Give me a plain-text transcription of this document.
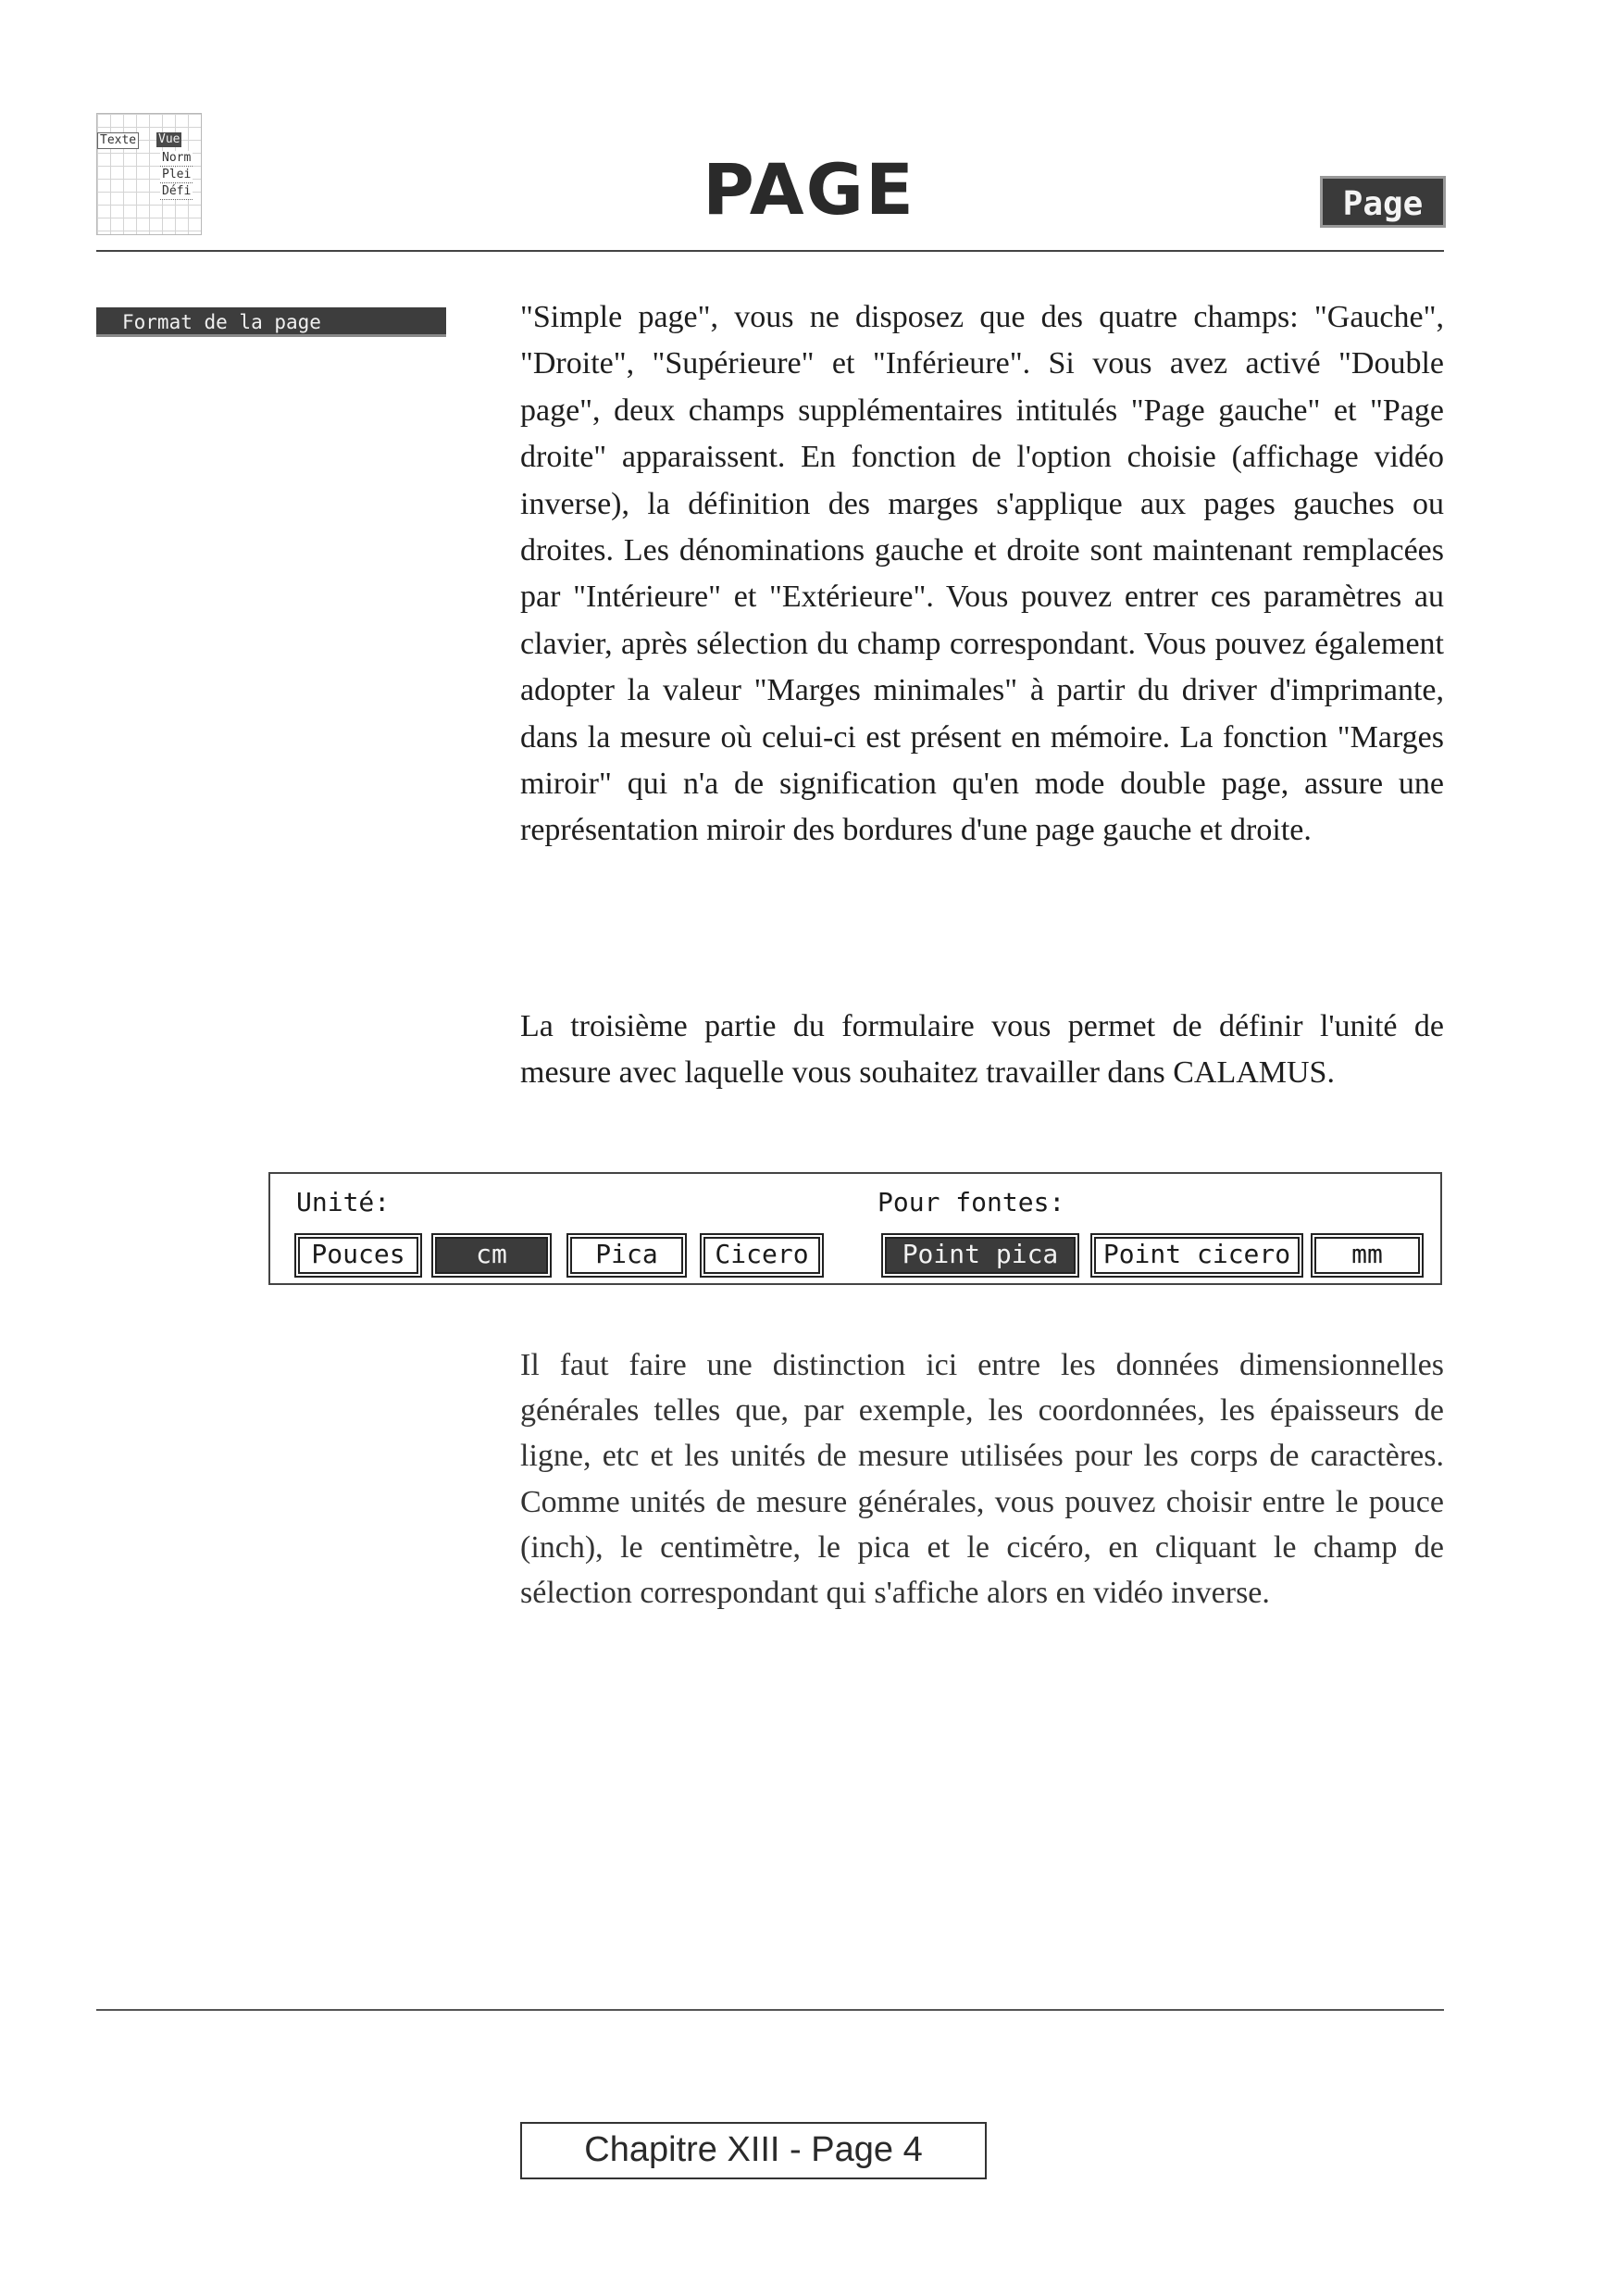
Texte Vue
Norm
Plei
Défi	PAGE	Page
Format de la page	"Simple page", vous ne disposez que des quatre champs: "Gauche", "Droite", "Supérieure" et "Inférieure". Si vous avez activé "Double page", deux champs supplémentaires intitulés "Page gauche" et "Page droite" apparaissent. En fonction de l'option choisie (affichage vidéo inverse), la définition des marges s'applique aux pages gauches ou droites. Les dénominations gauche et droite sont maintenant remplacées par "Intérieure" et "Extérieure". Vous pouvez entrer ces paramètres au clavier, après sélection du champ correspondant. Vous pouvez également adopter la valeur "Marges minimales" à partir du driver d'imprimante, dans la mesure où celui-ci est présent en mémoire. La fonction "Marges miroir" qui n'a de signification qu'en mode double page, assure une représentation miroir des bordures d'une page gauche et droite.

La troisième partie du formulaire vous permet de définir l'unité de mesure avec laquelle vous souhaitez travailler dans CALAMUS.

Unité:	Pour fontes:
Pouces	cm	Pica	Cicero	Point pica	Point cicero	mm

Il faut faire une distinction ici entre les données dimensionnelles générales telles que, par exemple, les coordonnées, les épaisseurs de ligne, etc et les unités de mesure utilisées pour les corps de caractères. Comme unités de mesure générales, vous pouvez choisir entre le pouce (inch), le centimètre, le pica et le cicéro, en cliquant le champ de sélection correspondant qui s'affiche alors en vidéo inverse.

Chapitre XIII - Page 4
